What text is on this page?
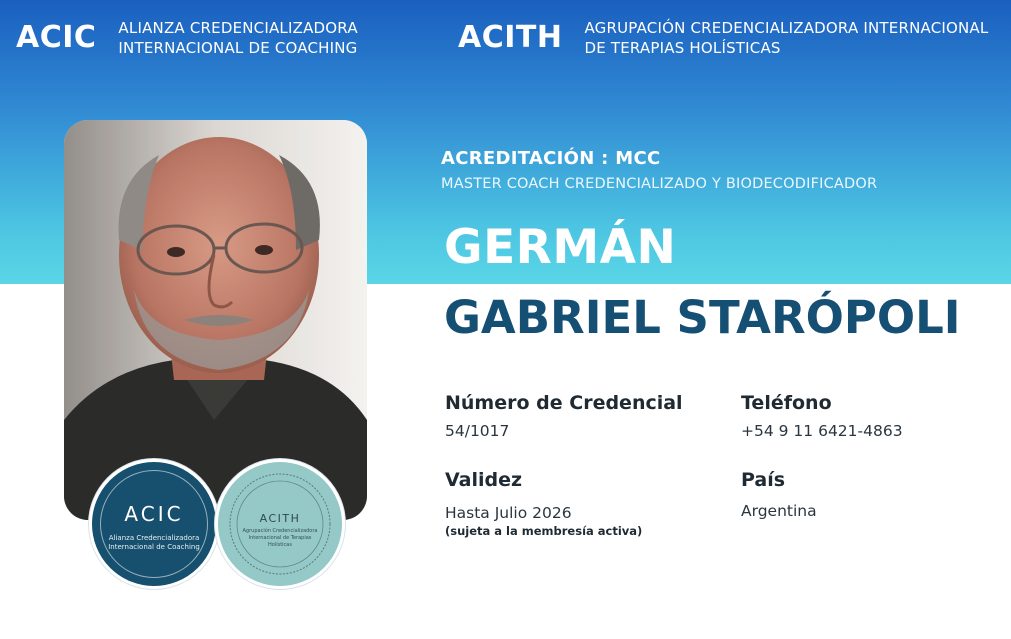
ACIC ALIANZA CREDENCIALIZADORA
INTERNACIONAL DE COACHING	ACITH AGRUPACIÓN CREDENCIALIZADORA INTERNACIONAL
DE TERAPIAS HOLÍSTICAS
ACIC
Alianza Credencializadora
Internacional de Coaching
ACITH
Agrupación Credencializadora
Internacional de Terapias Holísticas
ACREDITACIÓN : MCC
MASTER COACH CREDENCIALIZADO Y BIODECODIFICADOR
GERMÁN
GABRIEL STARÓPOLI
Número de Credencial
54/1017
Teléfono
+54 9 11 6421-4863
Validez
Hasta Julio 2026
(sujeta a la membresía activa)
País
Argentina
